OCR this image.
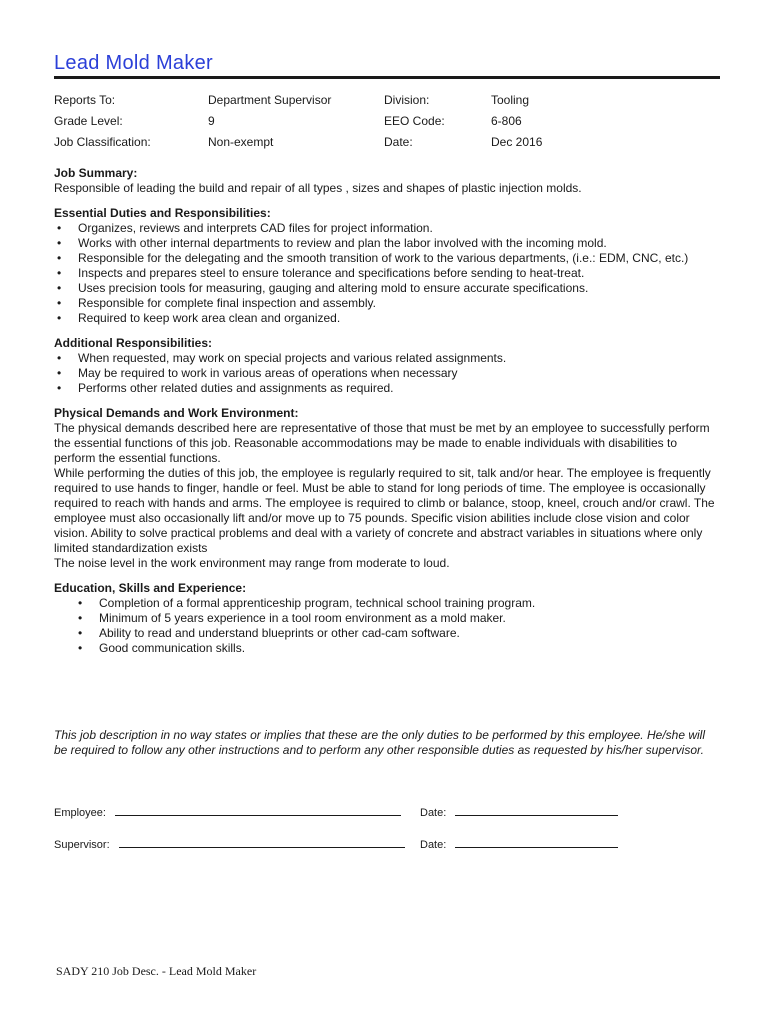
Lead Mold Maker
Reports To:	Department Supervisor	Division:	Tooling
Grade Level:	9	EEO Code:	6-806
Job Classification:	Non-exempt	Date:	Dec 2016

Job Summary:

Responsible of leading the build and repair of all types , sizes and shapes of plastic injection molds.

Essential Duties and Responsibilities:

• Organizes, reviews and interprets CAD files for project information.
• Works with other internal departments to review and plan the labor involved with the incoming mold.
• Responsible for the delegating and the smooth transition of work to the various departments, (i.e.: EDM, CNC, etc.)
• Inspects and prepares steel to ensure tolerance and specifications before sending to heat-treat.
• Uses precision tools for measuring, gauging and altering mold to ensure accurate specifications.
• Responsible for complete final inspection and assembly.
• Required to keep work area clean and organized.

Additional Responsibilities:

• When requested, may work on special projects and various related assignments.
• May be required to work in various areas of operations when necessary
• Performs other related duties and assignments as required.

Physical Demands and Work Environment:

The physical demands described here are representative of those that must be met by an employee to successfully perform the essential functions of this job. Reasonable accommodations may be made to enable individuals with disabilities to perform the essential functions.

While performing the duties of this job, the employee is regularly required to sit, talk and/or hear. The employee is frequently required to use hands to finger, handle or feel. Must be able to stand for long periods of time. The employee is occasionally required to reach with hands and arms. The employee is required to climb or balance, stoop, kneel, crouch and/or crawl. The employee must also occasionally lift and/or move up to 75 pounds. Specific vision abilities include close vision and color vision. Ability to solve practical problems and deal with a variety of concrete and abstract variables in situations where only limited standardization exists

The noise level in the work environment may range from moderate to loud.

Education, Skills and Experience:

• Completion of a formal apprenticeship program, technical school training program.
• Minimum of 5 years experience in a tool room environment as a mold maker.
• Ability to read and understand blueprints or other cad-cam software.
• Good communication skills.
This job description in no way states or implies that these are the only duties to be performed by this employee. He/she will be required to follow any other instructions and to perform any other responsible duties as requested by his/her supervisor.
Employee:	Date:
Supervisor:	Date:
SADY 210 Job Desc. - Lead Mold Maker
